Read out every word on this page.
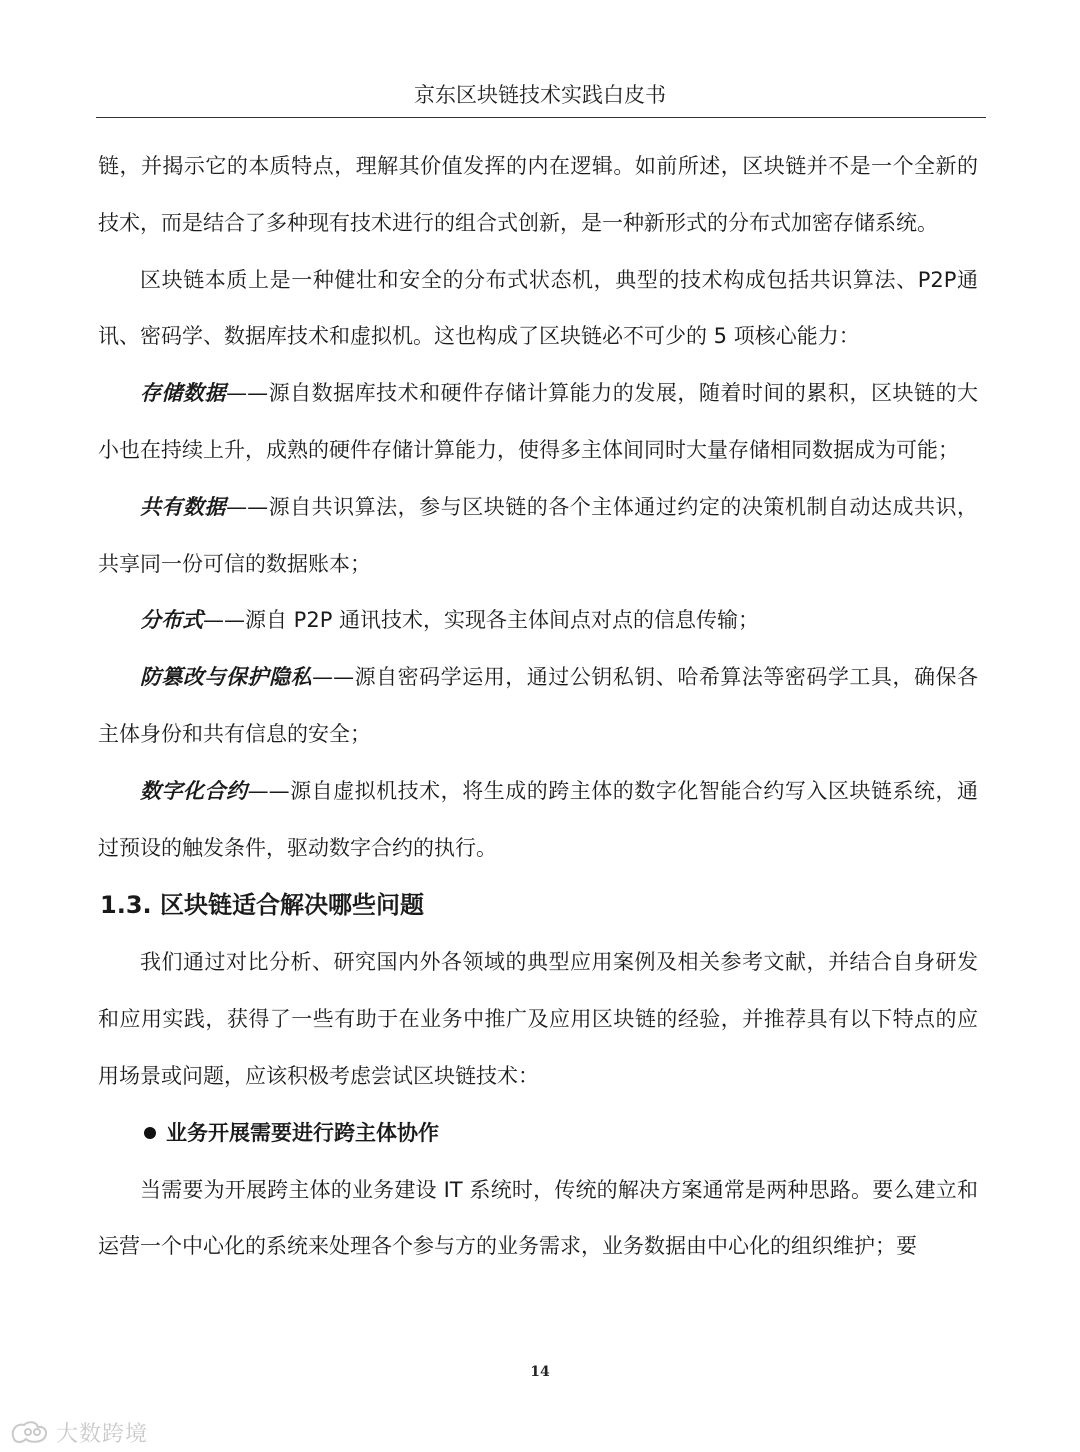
京东区块链技术实践白皮书

链，并揭示它的本质特点，理解其价值发挥的内在逻辑。如前所述，区块链并不是一个全新的技术，而是结合了多种现有技术进行的组合式创新，是一种新形式的分布式加密存储系统。

区块链本质上是一种健壮和安全的分布式状态机，典型的技术构成包括共识算法、P2P通讯、密码学、数据库技术和虚拟机。这也构成了区块链必不可少的 5 项核心能力：

存储数据——源自数据库技术和硬件存储计算能力的发展，随着时间的累积，区块链的大小也在持续上升，成熟的硬件存储计算能力，使得多主体间同时大量存储相同数据成为可能；

共有数据——源自共识算法，参与区块链的各个主体通过约定的决策机制自动达成共识，共享同一份可信的数据账本；

分布式——源自 P2P 通讯技术，实现各主体间点对点的信息传输；

防篡改与保护隐私——源自密码学运用，通过公钥私钥、哈希算法等密码学工具，确保各主体身份和共有信息的安全；

数字化合约——源自虚拟机技术，将生成的跨主体的数字化智能合约写入区块链系统，通过预设的触发条件，驱动数字合约的执行。

1.3. 区块链适合解决哪些问题

我们通过对比分析、研究国内外各领域的典型应用案例及相关参考文献，并结合自身研发和应用实践，获得了一些有助于在业务中推广及应用区块链的经验，并推荐具有以下特点的应用场景或问题，应该积极考虑尝试区块链技术：

业务开展需要进行跨主体协作

当需要为开展跨主体的业务建设 IT 系统时，传统的解决方案通常是两种思路。要么建立和运营一个中心化的系统来处理各个参与方的业务需求，业务数据由中心化的组织维护；要

14
大数跨境
